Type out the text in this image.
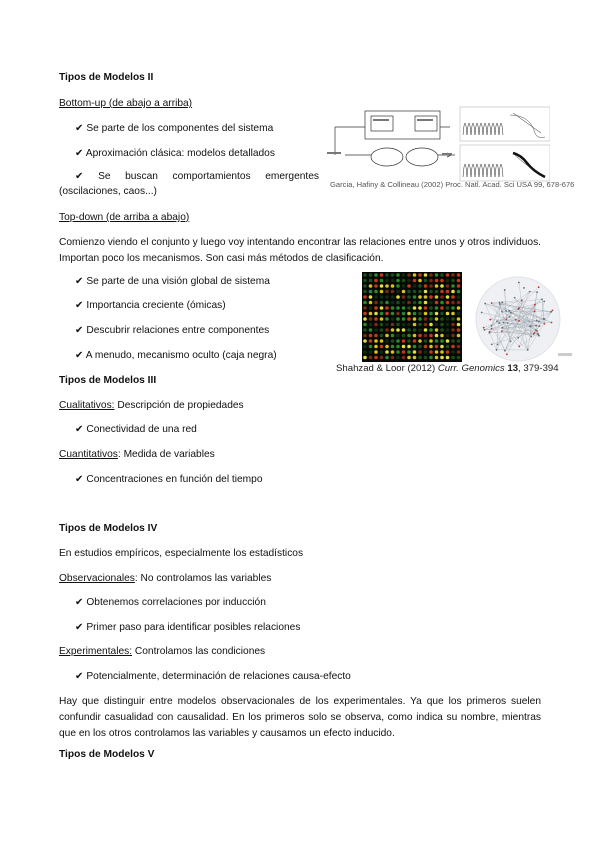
Tipos de Modelos II
Bottom-up (de abajo a arriba)
✔ Se parte de los componentes del sistema
✔ Aproximación clásica: modelos detallados
✔ Se buscan comportamientos emergentes
(oscilaciones, caos...)
Garcia, Hafiny & Collineau (2002) Proc. Natl. Acad. Sci USA 99, 678-676
Top-down (de arriba a abajo)
Comienzo viendo el conjunto y luego voy intentando encontrar las relaciones entre unos y otros individuos. Importan poco los mecanismos. Son casi más métodos de clasificación.
✔ Se parte de una visión global de sistema
✔ Importancia creciente (ómicas)
✔ Descubrir relaciones entre componentes
✔ A menudo, mecanismo oculto (caja negra)
Shahzad & Loor (2012) Curr. Genomics 13, 379-394
Tipos de Modelos III
Cualitativos: Descripción de propiedades
✔ Conectividad de una red
Cuantitativos: Medida de variables
✔ Concentraciones en función del tiempo
Tipos de Modelos IV
En estudios empíricos, especialmente los estadísticos
Observacionales: No controlamos las variables
✔ Obtenemos correlaciones por inducción
✔ Primer paso para identificar posibles relaciones
Experimentales: Controlamos las condiciones
✔ Potencialmente, determinación de relaciones causa-efecto
Hay que distinguir entre modelos observacionales de los experimentales. Ya que los primeros suelen confundir casualidad con causalidad. En los primeros solo se observa, como indica su nombre, mientras que en los otros controlamos las variables y causamos un efecto inducido.
Tipos de Modelos V
